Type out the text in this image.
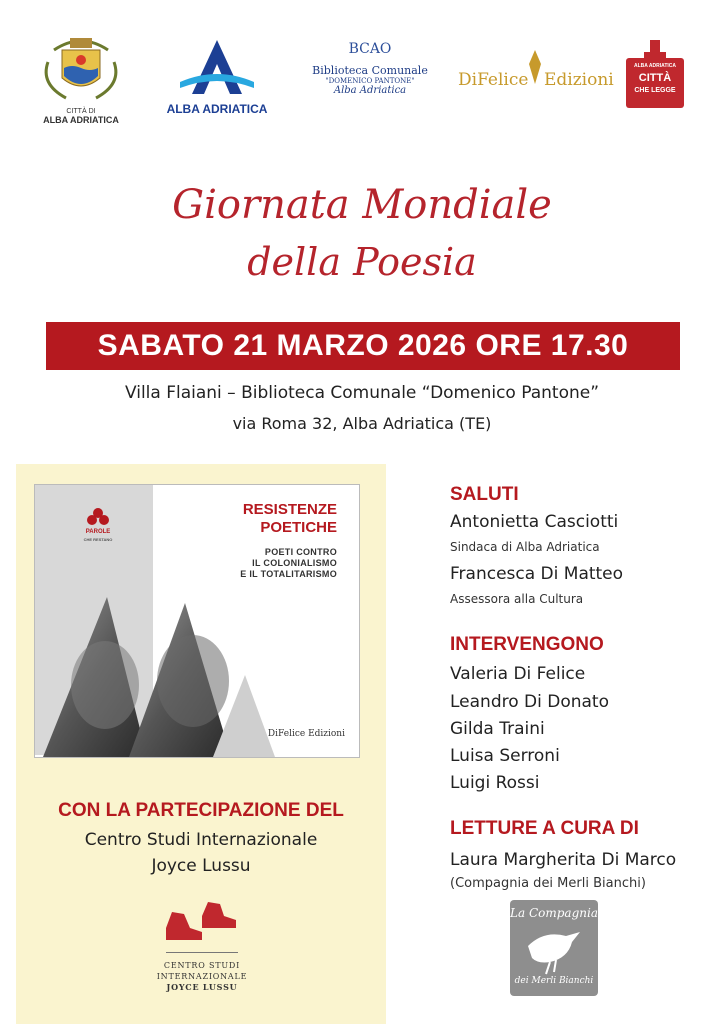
CITTÀ DI
ALBA ADRIATICA
ALBA ADRIATICA
BCAO
Biblioteca Comunale
"DOMENICO PANTONE"
Alba Adriatica
DiFelice Edizioni
ALBA ADRIATICA
CITTÀ
CHE LEGGE
Giornata Mondiale
della Poesia
SABATO 21 MARZO 2026 ORE 17.30
Villa Flaiani – Biblioteca Comunale “Domenico Pantone”
via Roma 32, Alba Adriatica (TE)
PAROLE
CHE RESTANO
RESISTENZE
POETICHE
POETI CONTRO
IL COLONIALISMO
E IL TOTALITARISMO
DiFelice Edizioni
CON LA PARTECIPAZIONE DEL
Centro Studi Internazionale
Joyce Lussu
CENTRO STUDI
INTERNAZIONALE
JOYCE LUSSU
SALUTI
Antonietta Casciotti
Sindaca di Alba Adriatica
Francesca Di Matteo
Assessora alla Cultura
INTERVENGONO
Valeria Di Felice
Leandro Di Donato
Gilda Traini
Luisa Serroni
Luigi Rossi
LETTURE A CURA DI
Laura Margherita Di Marco
(Compagnia dei Merli Bianchi)
La Compagnia
dei Merli Bianchi
